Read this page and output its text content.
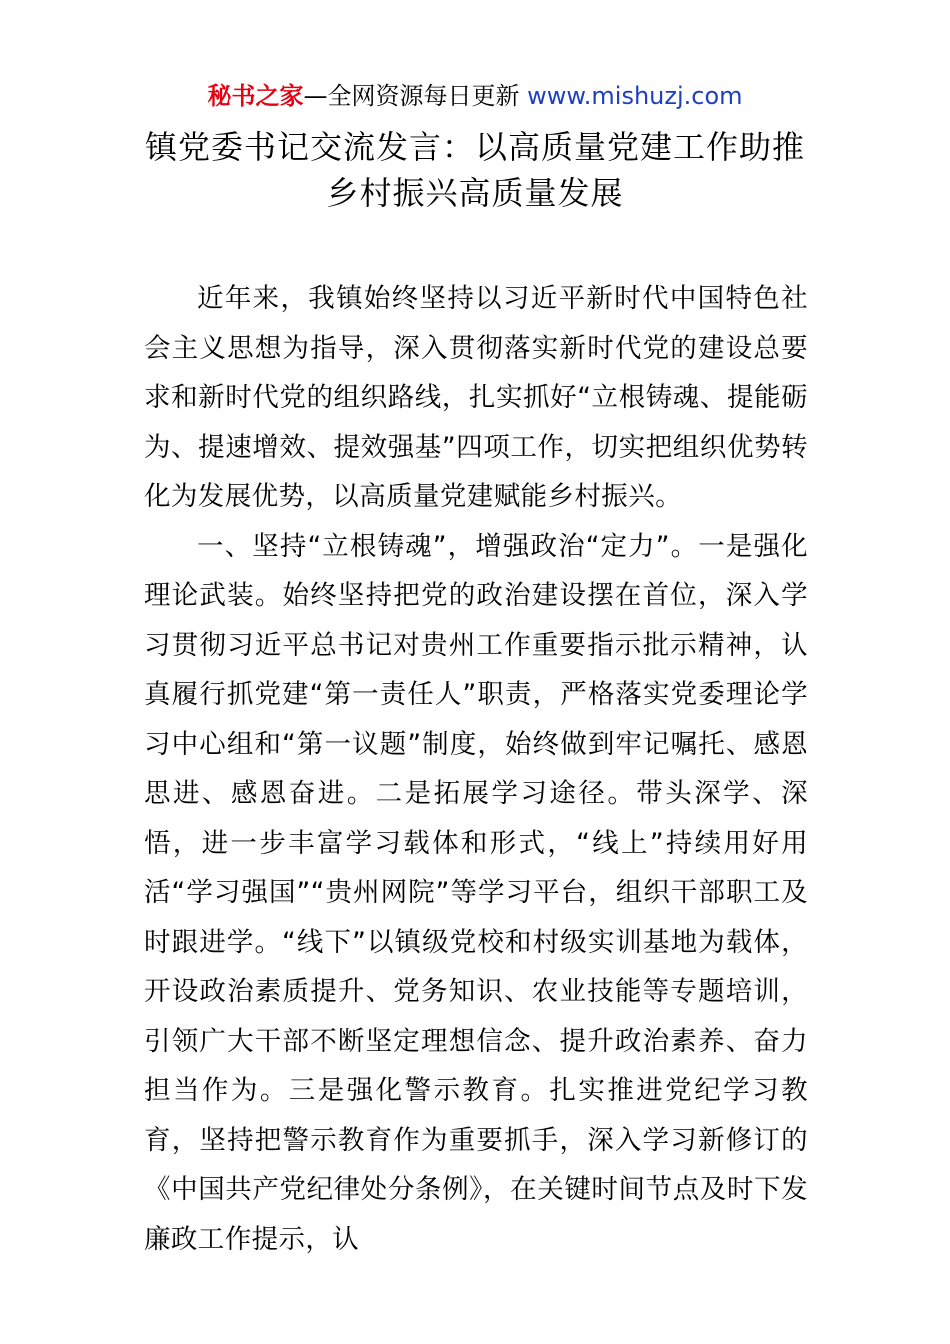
秘书之家—全网资源每日更新 www.mishuzj.com
镇党委书记交流发言：以高质量党建工作助推
乡村振兴高质量发展

近年来，我镇始终坚持以习近平新时代中国特色社会主义思想为指导，深入贯彻落实新时代党的建设总要求和新时代党的组织路线，扎实抓好“立根铸魂、提能砺为、提速增效、提效强基”四项工作，切实把组织优势转化为发展优势，以高质量党建赋能乡村振兴。

一、坚持“立根铸魂”，增强政治“定力”。一是强化理论武装。始终坚持把党的政治建设摆在首位，深入学习贯彻习近平总书记对贵州工作重要指示批示精神，认真履行抓党建“第一责任人”职责，严格落实党委理论学习中心组和“第一议题”制度，始终做到牢记嘱托、感恩思进、感恩奋进。二是拓展学习途径。带头深学、深悟，进一步丰富学习载体和形式，“线上”持续用好用活“学习强国”“贵州网院”等学习平台，组织干部职工及时跟进学。“线下”以镇级党校和村级实训基地为载体，开设政治素质提升、党务知识、农业技能等专题培训，引领广大干部不断坚定理想信念、提升政治素养、奋力担当作为。三是强化警示教育。扎实推进党纪学习教育，坚持把警示教育作为重要抓手，深入学习新修订的《中国共产党纪律处分条例》，在关键时间节点及时下发廉政工作提示，认
